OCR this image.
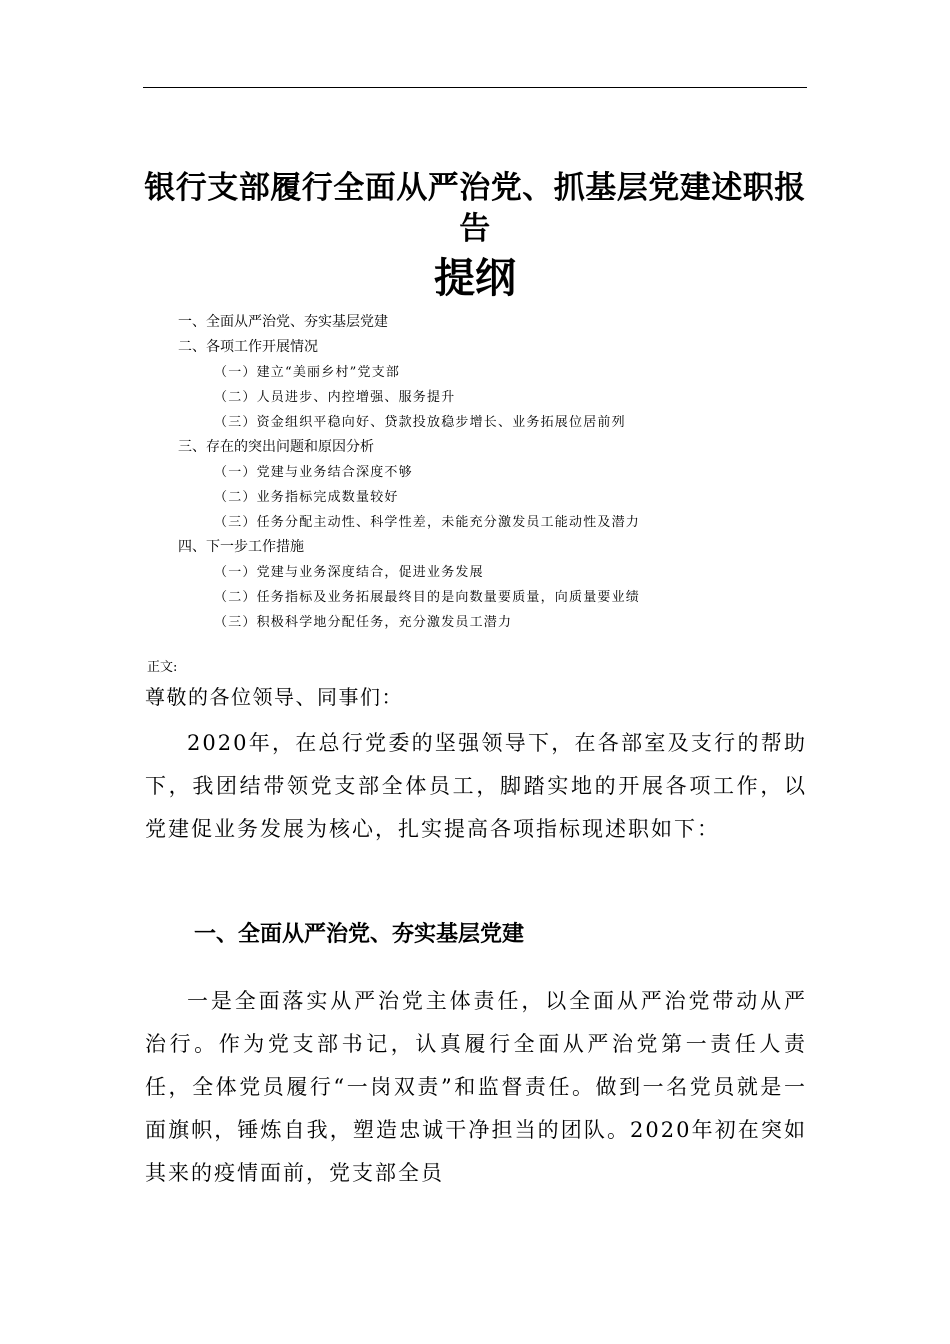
银行支部履行全面从严治党、抓基层党建述职报告
提纲
一、全面从严治党、夯实基层党建
二、各项工作开展情况
（一）建立“美丽乡村”党支部
（二）人员进步、内控增强、服务提升
（三）资金组织平稳向好、贷款投放稳步增长、业务拓展位居前列
三、存在的突出问题和原因分析
（一）党建与业务结合深度不够
（二）业务指标完成数量较好
（三）任务分配主动性、科学性差，未能充分激发员工能动性及潜力
四、下一步工作措施
（一）党建与业务深度结合，促进业务发展
（二）任务指标及业务拓展最终目的是向数量要质量，向质量要业绩
（三）积极科学地分配任务，充分激发员工潜力
正文:
尊敬的各位领导、同事们：

2020年，在总行党委的坚强领导下，在各部室及支行的帮助下，我团结带领党支部全体员工，脚踏实地的开展各项工作，以党建促业务发展为核心，扎实提高各项指标现述职如下：

一、全面从严治党、夯实基层党建

一是全面落实从严治党主体责任，以全面从严治党带动从严治行。作为党支部书记，认真履行全面从严治党第一责任人责任，全体党员履行“一岗双责”和监督责任。做到一名党员就是一面旗帜，锤炼自我，塑造忠诚干净担当的团队。2020年初在突如其来的疫情面前，党支部全员
